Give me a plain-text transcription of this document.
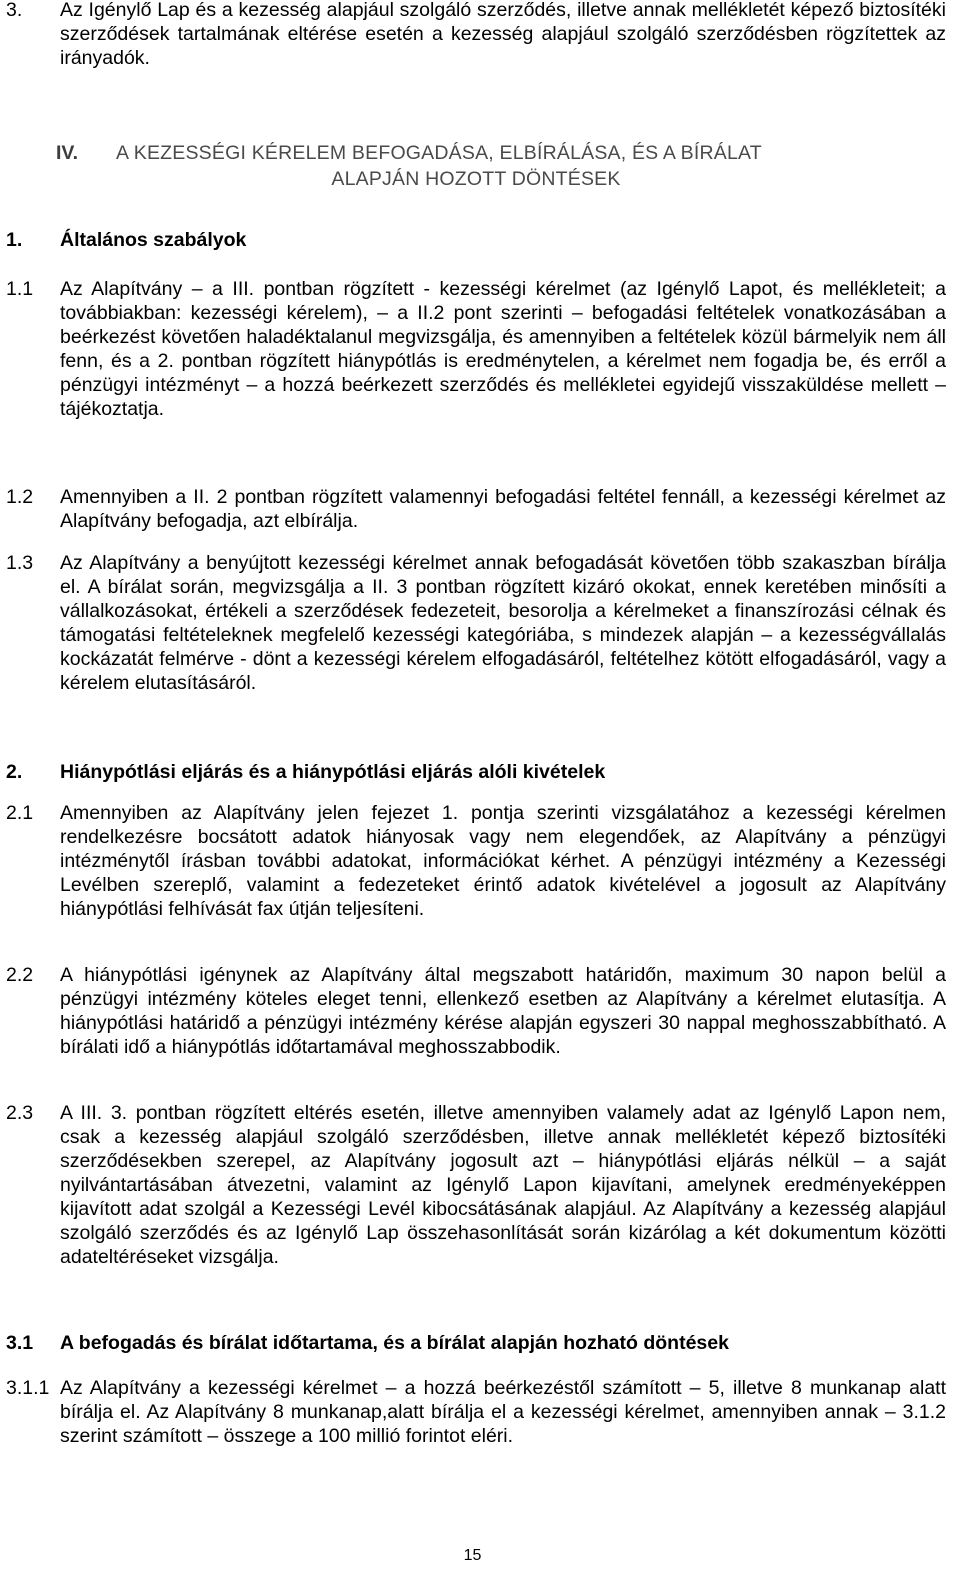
3.	Az Igénylő Lap és a kezesség alapjául szolgáló szerződés, illetve annak mellékletét képező biztosítéki szerződések tartalmának eltérése esetén a kezesség alapjául szolgáló szerződésben rögzítettek az irányadók.
IV.	A KEZESSÉGI KÉRELEM BEFOGADÁSA, ELBÍRÁLÁSA, ÉS A BÍRÁLAT
ALAPJÁN HOZOTT DÖNTÉSEK
1.	Általános szabályok
1.1	Az Alapítvány – a III. pontban rögzített - kezességi kérelmet (az Igénylő Lapot, és mellékleteit; a továbbiakban: kezességi kérelem), – a II.2 pont szerinti – befogadási feltételek vonatkozásában a beérkezést követően haladéktalanul megvizsgálja, és amennyiben a feltételek közül bármelyik nem áll fenn, és a 2. pontban rögzített hiánypótlás is eredménytelen, a kérelmet nem fogadja be, és erről a pénzügyi intézményt – a hozzá beérkezett szerződés és mellékletei egyidejű visszaküldése mellett – tájékoztatja.
1.2	Amennyiben a II. 2 pontban rögzített valamennyi befogadási feltétel fennáll, a kezességi kérelmet az Alapítvány befogadja, azt elbírálja.
1.3	Az Alapítvány a benyújtott kezességi kérelmet annak befogadását követően több szakaszban bírálja el. A bírálat során, megvizsgálja a II. 3 pontban rögzített kizáró okokat, ennek keretében minősíti a vállalkozásokat, értékeli a szerződések fedezeteit, besorolja a kérelmeket a finanszírozási célnak és támogatási feltételeknek megfelelő kezességi kategóriába, s mindezek alapján – a kezességvállalás kockázatát felmérve - dönt a kezességi kérelem elfogadásáról, feltételhez kötött elfogadásáról, vagy a kérelem elutasításáról.
2.	Hiánypótlási eljárás és a hiánypótlási eljárás alóli kivételek
2.1	Amennyiben az Alapítvány jelen fejezet 1. pontja szerinti vizsgálatához a kezességi kérelmen rendelkezésre bocsátott adatok hiányosak vagy nem elegendőek, az Alapítvány a pénzügyi intézménytől írásban további adatokat, információkat kérhet. A pénzügyi intézmény a Kezességi Levélben szereplő, valamint a fedezeteket érintő adatok kivételével a jogosult az Alapítvány hiánypótlási felhívását fax útján teljesíteni.
2.2	A hiánypótlási igénynek az Alapítvány által megszabott határidőn, maximum 30 napon belül a pénzügyi intézmény köteles eleget tenni, ellenkező esetben az Alapítvány a kérelmet elutasítja. A hiánypótlási határidő a pénzügyi intézmény kérése alapján egyszeri 30 nappal meghosszabbítható. A bírálati idő a hiánypótlás időtartamával meghosszabbodik.
2.3	A III. 3. pontban rögzített eltérés esetén, illetve amennyiben valamely adat az Igénylő Lapon nem, csak a kezesség alapjául szolgáló szerződésben, illetve annak mellékletét képező biztosítéki szerződésekben szerepel, az Alapítvány jogosult azt – hiánypótlási eljárás nélkül – a saját nyilvántartásában átvezetni, valamint az Igénylő Lapon kijavítani, amelynek eredményeképpen kijavított adat szolgál a Kezességi Levél kibocsátásának alapjául. Az Alapítvány a kezesség alapjául szolgáló szerződés és az Igénylő Lap összehasonlítását során kizárólag a két dokumentum közötti adateltéréseket vizsgálja.
3.1	A befogadás és bírálat időtartama, és a bírálat alapján hozható döntések
3.1.1 Az Alapítvány a kezességi kérelmet – a hozzá beérkezéstől számított – 5, illetve 8 munkanap alatt bírálja el. Az Alapítvány 8 munkanap,alatt bírálja el a kezességi kérelmet, amennyiben annak – 3.1.2 szerint számított – összege a 100 millió forintot eléri.
15
